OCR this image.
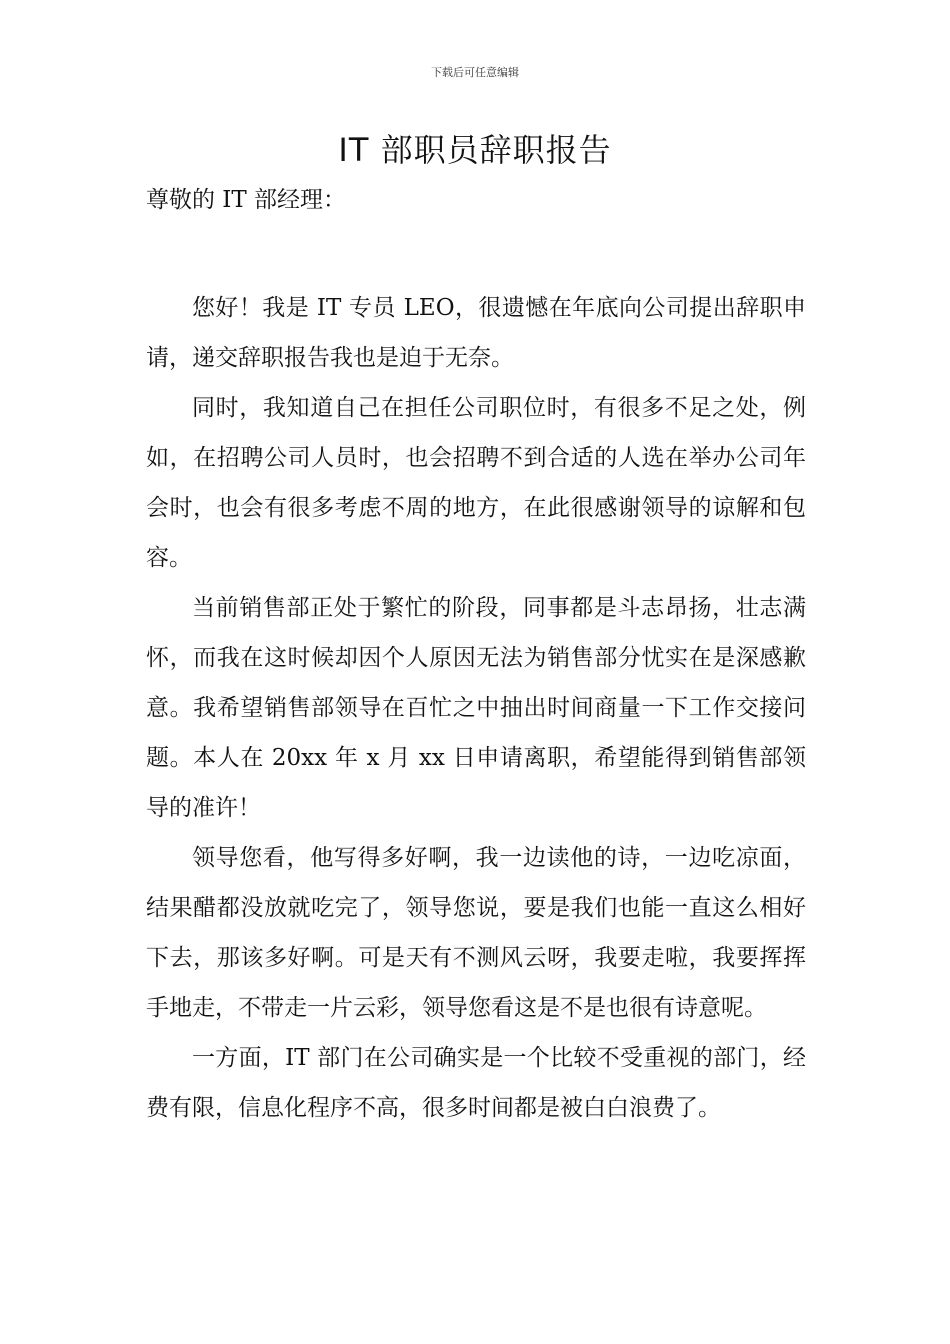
下载后可任意编辑
IT 部职员辞职报告

尊敬的 IT 部经理：

您好！我是 IT 专员 LEO，很遗憾在年底向公司提出辞职申请，递交辞职报告我也是迫于无奈。

同时，我知道自己在担任公司职位时，有很多不足之处，例如，在招聘公司人员时，也会招聘不到合适的人选在举办公司年会时，也会有很多考虑不周的地方，在此很感谢领导的谅解和包容。

当前销售部正处于繁忙的阶段，同事都是斗志昂扬，壮志满怀，而我在这时候却因个人原因无法为销售部分忧实在是深感歉意。我希望销售部领导在百忙之中抽出时间商量一下工作交接问题。本人在 20xx 年 x 月 xx 日申请离职，希望能得到销售部领导的准许！

领导您看，他写得多好啊，我一边读他的诗，一边吃凉面，结果醋都没放就吃完了，领导您说，要是我们也能一直这么相好下去，那该多好啊。可是天有不测风云呀，我要走啦，我要挥挥手地走，不带走一片云彩，领导您看这是不是也很有诗意呢。

一方面，IT 部门在公司确实是一个比较不受重视的部门，经费有限，信息化程序不高，很多时间都是被白白浪费了。
